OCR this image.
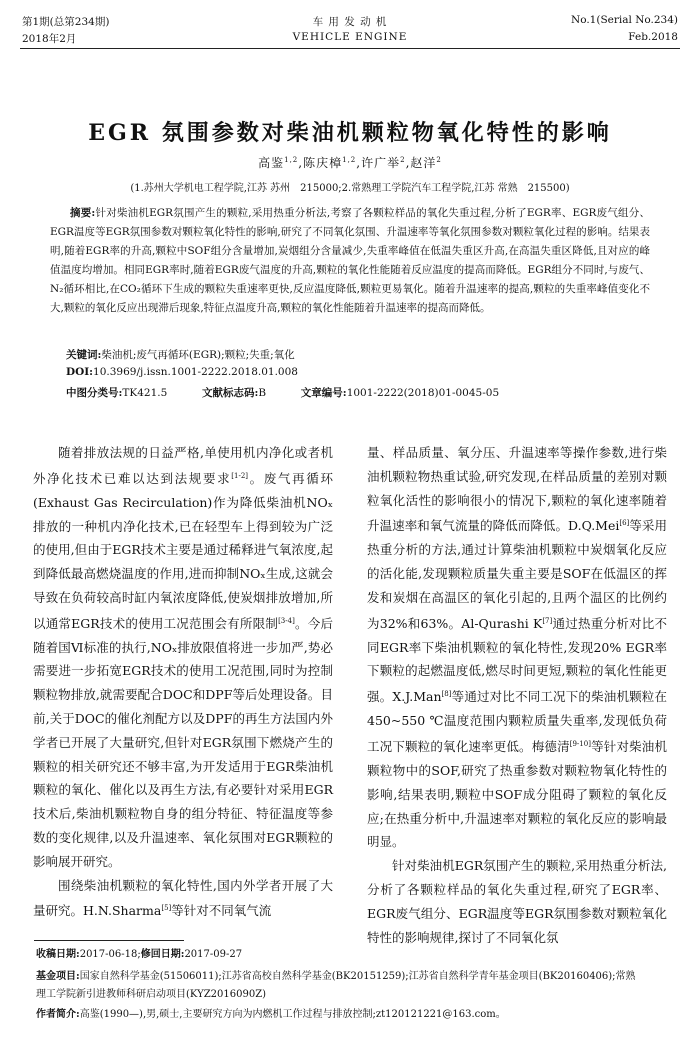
第1期(总第234期)	车 用 发 动 机	No.1(Serial No.234)
2018年2月	VEHICLE ENGINE	Feb.2018
EGR 氛围参数对柴油机颗粒物氧化特性的影响
高鉴$^{1,2}$,陈庆樟$^{1,2}$,许广举$^2$,赵洋$^2$
(1.苏州大学机电工程学院,江苏 苏州　215000;2.常熟理工学院汽车工程学院,江苏 常熟　215500)
摘要:针对柴油机EGR氛围产生的颗粒,采用热重分析法,考察了各颗粒样品的氧化失重过程,分析了EGR率、EGR废气组分、EGR温度等EGR氛围参数对颗粒氧化特性的影响,研究了不同氧化氛围、升温速率等氧化氛围参数对颗粒氧化过程的影响。结果表明,随着EGR率的升高,颗粒中SOF组分含量增加,炭烟组分含量减少,失重率峰值在低温失重区升高,在高温失重区降低,且对应的峰值温度均增加。相同EGR率时,随着EGR废气温度的升高,颗粒的氧化性能随着反应温度的提高而降低。EGR组分不同时,与废气、N₂循环相比,在CO₂循环下生成的颗粒失重速率更快,反应温度降低,颗粒更易氧化。随着升温速率的提高,颗粒的失重率峰值变化不大,颗粒的氧化反应出现滞后现象,特征点温度升高,颗粒的氧化性能随着升温速率的提高而降低。
关键词:柴油机;废气再循环(EGR);颗粒;失重;氧化
DOI:10.3969/j.issn.1001-2222.2018.01.008
中图分类号:TK421.5	文献标志码:B	文章编号:1001-2222(2018)01-0045-05

随着排放法规的日益严格,单使用机内净化或者机外净化技术已难以达到法规要求[1-2]。废气再循环(Exhaust Gas Recirculation)作为降低柴油机NOₓ排放的一种机内净化技术,已在轻型车上得到较为广泛的使用,但由于EGR技术主要是通过稀释进气氧浓度,起到降低最高燃烧温度的作用,进而抑制NOₓ生成,这就会导致在负荷较高时缸内氧浓度降低,使炭烟排放增加,所以通常EGR技术的使用工况范围会有所限制[3-4]。今后随着国Ⅵ标准的执行,NOₓ排放限值将进一步加严,势必需要进一步拓宽EGR技术的使用工况范围,同时为控制颗粒物排放,就需要配合DOC和DPF等后处理设备。目前,关于DOC的催化剂配方以及DPF的再生方法国内外学者已开展了大量研究,但针对EGR氛围下燃烧产生的颗粒的相关研究还不够丰富,为开发适用于EGR柴油机颗粒的氧化、催化以及再生方法,有必要针对采用EGR技术后,柴油机颗粒物自身的组分特征、特征温度等参数的变化规律,以及升温速率、氧化氛围对EGR颗粒的影响展开研究。

围绕柴油机颗粒的氧化特性,国内外学者开展了大量研究。H.N.Sharma[5]等针对不同氧气流

量、样品质量、氧分压、升温速率等操作参数,进行柴油机颗粒物热重试验,研究发现,在样品质量的差别对颗粒氧化活性的影响很小的情况下,颗粒的氧化速率随着升温速率和氧气流量的降低而降低。D.Q.Mei[6]等采用热重分析的方法,通过计算柴油机颗粒中炭烟氧化反应的活化能,发现颗粒质量失重主要是SOF在低温区的挥发和炭烟在高温区的氧化引起的,且两个温区的比例约为32%和63%。Al-Qurashi K[7]通过热重分析对比不同EGR率下柴油机颗粒的氧化特性,发现20% EGR率下颗粒的起燃温度低,燃尽时间更短,颗粒的氧化性能更强。X.J.Man[8]等通过对比不同工况下的柴油机颗粒在450~550 ℃温度范围内颗粒质量失重率,发现低负荷工况下颗粒的氧化速率更低。梅德清[9-10]等针对柴油机颗粒物中的SOF,研究了热重参数对颗粒物氧化特性的影响,结果表明,颗粒中SOF成分阻碍了颗粒的氧化反应;在热重分析中,升温速率对颗粒的氧化反应的影响最明显。

针对柴油机EGR氛围产生的颗粒,采用热重分析法,分析了各颗粒样品的氧化失重过程,研究了EGR率、EGR废气组分、EGR温度等EGR氛围参数对颗粒氧化特性的影响规律,探讨了不同氧化氛

收稿日期:2017-06-18;修回日期:2017-09-27
基金项目:国家自然科学基金(51506011);江苏省高校自然科学基金(BK20151259);江苏省自然科学青年基金项目(BK20160406);常熟
理工学院新引进教师科研启动项目(KYZ2016090Z)
作者简介:高鉴(1990—),男,硕士,主要研究方向为内燃机工作过程与排放控制;zt120121221@163.com。
